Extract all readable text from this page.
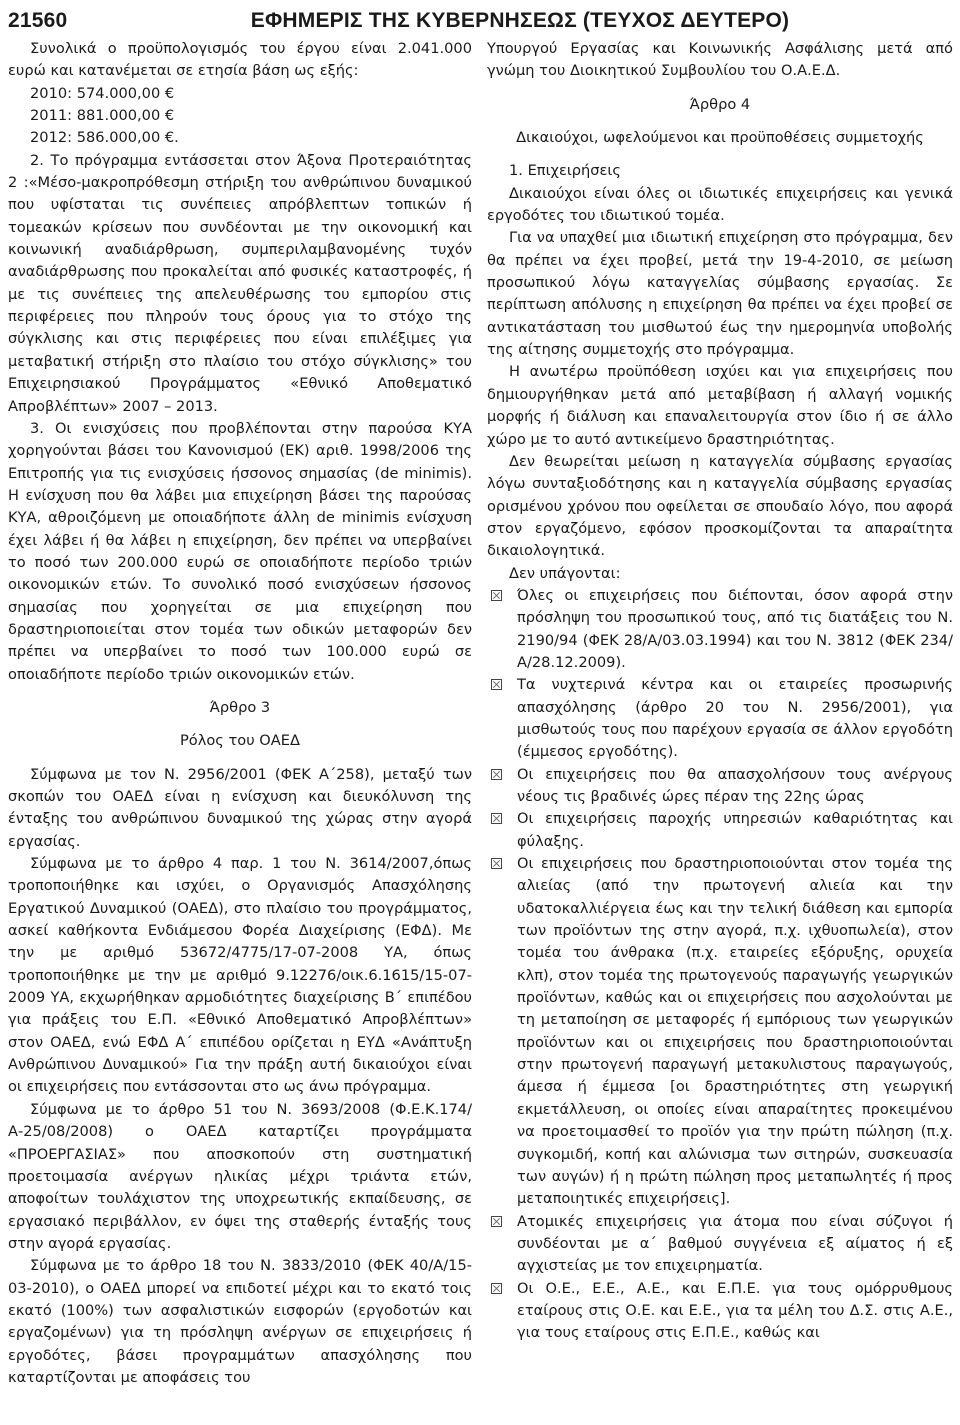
21560	ΕΦΗΜΕΡΙΣ ΤΗΣ ΚΥΒΕΡΝΗΣΕΩΣ (ΤΕΥΧΟΣ ΔΕΥΤΕΡΟ)

Συνολικά ο προϋπολογισμός του έργου είναι 2.041.000 ευρώ και κατανέμεται σε ετησία βάση ως εξής:

2010: 574.000,00 €

2011: 881.000,00 €

2012: 586.000,00 €.

2. Το πρόγραμμα εντάσσεται στον Άξονα Προτεραιότητας 2 :«Μέσο-μακροπρόθεσμη στήριξη του ανθρώπινου δυναμικού που υφίσταται τις συνέπειες απρόβλεπτων τοπικών ή τομεακών κρίσεων που συνδέονται με την οικονομική και κοινωνική αναδιάρθρωση, συμπεριλαμβανομένης τυχόν αναδιάρθρωσης που προκαλείται από φυσικές καταστροφές, ή με τις συνέπειες της απελευθέρωσης του εμπορίου στις περιφέρειες που πληρούν τους όρους για το στόχο της σύγκλισης και στις περιφέρειες που είναι επιλέξιμες για μεταβατική στήριξη στο πλαίσιο του στόχο σύγκλισης» του Επιχειρησιακού Προγράμματος «Εθνικό Αποθεματικό Απροβλέπτων» 2007 – 2013.

3. Οι ενισχύσεις που προβλέπονται στην παρούσα ΚΥΑ χορηγούνται βάσει του Κανονισμού (ΕΚ) αριθ. 1998/2006 της Επιτροπής για τις ενισχύσεις ήσσονος σημασίας (de minimis). Η ενίσχυση που θα λάβει μια επιχείρηση βάσει της παρούσας ΚΥΑ, αθροιζόμενη με οποιαδήποτε άλλη de minimis ενίσχυση έχει λάβει ή θα λάβει η επιχείρηση, δεν πρέπει να υπερβαίνει το ποσό των 200.000 ευρώ σε οποιαδήποτε περίοδο τριών οικονομικών ετών. Το συνολικό ποσό ενισχύσεων ήσσονος σημασίας που χορηγείται σε μια επιχείρηση που δραστηριοποιείται στον τομέα των οδικών μεταφορών δεν πρέπει να υπερβαίνει το ποσό των 100.000 ευρώ σε οποιαδήποτε περίοδο τριών οικονομικών ετών.

Άρθρο 3

Ρόλος του ΟΑΕΔ

Σύμφωνα με τον Ν. 2956/2001 (ΦΕΚ Α΄258), μεταξύ των σκοπών του ΟΑΕΔ είναι η ενίσχυση και διευκόλυνση της ένταξης του ανθρώπινου δυναμικού της χώρας στην αγορά εργασίας.

Σύμφωνα με το άρθρο 4 παρ. 1 του Ν. 3614/2007,όπως τροποποιήθηκε και ισχύει, ο Οργανισμός Απασχόλησης Εργατικού Δυναμικού (ΟΑΕΔ), στο πλαίσιο του προγράμματος, ασκεί καθήκοντα Ενδιάμεσου Φορέα Διαχείρισης (ΕΦΔ). Με την με αριθμό 53672/4775/17-07-2008 ΥΑ, όπως τροποποιήθηκε με την με αριθμό 9.12276/οικ.6.1615/15-07-2009 ΥΑ, εκχωρήθηκαν αρμοδιότητες διαχείρισης Β΄ επιπέδου για πράξεις του Ε.Π. «Εθνικό Αποθεματικό Απροβλέπτων» στον ΟΑΕΔ, ενώ ΕΦΔ Α΄ επιπέδου ορίζεται η ΕΥΔ «Ανάπτυξη Ανθρώπινου Δυναμικού» Για την πράξη αυτή δικαιούχοι είναι οι επιχειρήσεις που εντάσσονται στο ως άνω πρόγραμμα.

Σύμφωνα με το άρθρο 51 του Ν. 3693/2008 (Φ.Ε.Κ.174/Α-25/08/2008) ο ΟΑΕΔ καταρτίζει προγράμματα «ΠΡΟΕΡΓΑΣΙΑΣ» που αποσκοπούν στη συστηματική προετοιμασία ανέργων ηλικίας μέχρι τριάντα ετών, αποφοίτων τουλάχιστον της υποχρεωτικής εκπαίδευσης, σε εργασιακό περιβάλλον, εν όψει της σταθερής ένταξής τους στην αγορά εργασίας.

Σύμφωνα με το άρθρο 18 του Ν. 3833/2010 (ΦΕΚ 40/Α/15-03-2010), ο ΟΑΕΔ μπορεί να επιδοτεί μέχρι και το εκατό τοις εκατό (100%) των ασφαλιστικών εισφορών (εργοδοτών και εργαζομένων) για τη πρόσληψη ανέργων σε επιχειρήσεις ή εργοδότες, βάσει προγραμμάτων απασχόλησης που καταρτίζονται με αποφάσεις του

Υπουργού Εργασίας και Κοινωνικής Ασφάλισης μετά από γνώμη του Διοικητικού Συμβουλίου του Ο.Α.Ε.Δ.

Άρθρο 4

Δικαιούχοι, ωφελούμενοι και προϋποθέσεις συμμετοχής

1. Επιχειρήσεις

Δικαιούχοι είναι όλες οι ιδιωτικές επιχειρήσεις και γενικά εργοδότες του ιδιωτικού τομέα.

Για να υπαχθεί μια ιδιωτική επιχείρηση στο πρόγραμμα, δεν θα πρέπει να έχει προβεί, μετά την 19-4-2010, σε μείωση προσωπικού λόγω καταγγελίας σύμβασης εργασίας. Σε περίπτωση απόλυσης η επιχείρηση θα πρέπει να έχει προβεί σε αντικατάσταση του μισθωτού έως την ημερομηνία υποβολής της αίτησης συμμετοχής στο πρόγραμμα.

Η ανωτέρω προϋπόθεση ισχύει και για επιχειρήσεις που δημιουργήθηκαν μετά από μεταβίβαση ή αλλαγή νομικής μορφής ή διάλυση και επαναλειτουργία στον ίδιο ή σε άλλο χώρο με το αυτό αντικείμενο δραστηριότητας.

Δεν θεωρείται μείωση η καταγγελία σύμβασης εργασίας λόγω συνταξιοδότησης και η καταγγελία σύμβασης εργασίας ορισμένου χρόνου που οφείλεται σε σπουδαίο λόγο, που αφορά στον εργαζόμενο, εφόσον προσκομίζονται τα απαραίτητα δικαιολογητικά.

Δεν υπάγονται:

Όλες οι επιχειρήσεις που διέπονται, όσον αφορά στην πρόσληψη του προσωπικού τους, από τις διατάξεις του Ν. 2190/94 (ΦΕΚ 28/Α/03.03.1994) και του Ν. 3812 (ΦΕΚ 234/Α/28.12.2009).
Τα νυχτερινά κέντρα και οι εταιρείες προσωρινής απασχόλησης (άρθρο 20 του Ν. 2956/2001), για μισθωτούς τους που παρέχουν εργασία σε άλλον εργοδότη (έμμεσος εργοδότης).
Οι επιχειρήσεις που θα απασχολήσουν τους ανέργους νέους τις βραδινές ώρες πέραν της 22ης ώρας
Οι επιχειρήσεις παροχής υπηρεσιών καθαριότητας και φύλαξης.
Οι επιχειρήσεις που δραστηριοποιούνται στον τομέα της αλιείας (από την πρωτογενή αλιεία και την υδατοκαλλιέργεια έως και την τελική διάθεση και εμπορία των προϊόντων της στην αγορά, π.χ. ιχθυοπωλεία), στον τομέα του άνθρακα (π.χ. εταιρείες εξόρυξης, ορυχεία κλπ), στον τομέα της πρωτογενούς παραγωγής γεωργικών προϊόντων, καθώς και οι επιχειρήσεις που ασχολούνται με τη μεταποίηση σε μεταφορές ή εμπόριους των γεωργικών προϊόντων και οι επιχειρήσεις που δραστηριοποιούνται στην πρωτογενή παραγωγή μετακυλιστους παραγωγούς, άμεσα ή έμμεσα [οι δραστηριότητες στη γεωργική εκμετάλλευση, οι οποίες είναι απαραίτητες προκειμένου να προετοιμασθεί το προϊόν για την πρώτη πώληση (π.χ. συγκομιδή, κοπή και αλώνισμα των σιτηρών, συσκευασία των αυγών) ή η πρώτη πώληση προς μεταπωλητές ή προς μεταποιητικές επιχειρήσεις].
Ατομικές επιχειρήσεις για άτομα που είναι σύζυγοι ή συνδέονται με α΄ βαθμού συγγένεια εξ αίματος ή εξ αγχιστείας με τον επιχειρηματία.
Οι Ο.Ε., Ε.Ε., Α.Ε., και Ε.Π.Ε. για τους ομόρρυθμους εταίρους στις Ο.Ε. και Ε.Ε., για τα μέλη του Δ.Σ. στις Α.Ε., για τους εταίρους στις Ε.Π.Ε., καθώς και
